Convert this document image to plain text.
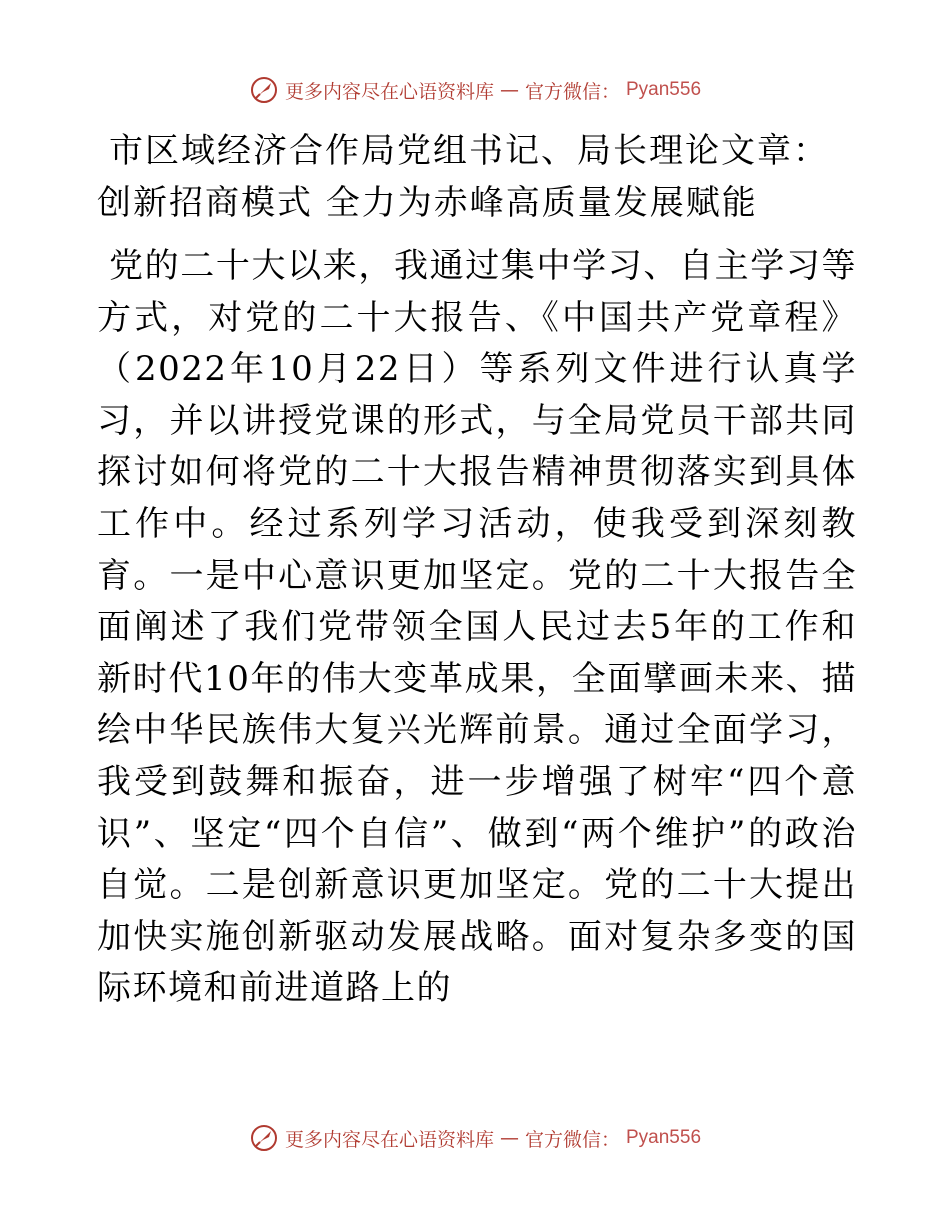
更多内容尽在心语资料库 — 官方微信： Pyan556
市区域经济合作局党组书记、局长理论文章：创新招商模式 全力为赤峰高质量发展赋能

党的二十大以来，我通过集中学习、自主学习等方式，对党的二十大报告、《中国共产党章程》（2022年10月22日）等系列文件进行认真学习，并以讲授党课的形式，与全局党员干部共同探讨如何将党的二十大报告精神贯彻落实到具体工作中。经过系列学习活动，使我受到深刻教育。一是中心意识更加坚定。党的二十大报告全面阐述了我们党带领全国人民过去5年的工作和新时代10年的伟大变革成果，全面擘画未来、描绘中华民族伟大复兴光辉前景。通过全面学习，我受到鼓舞和振奋，进一步增强了树牢“四个意识”、坚定“四个自信”、做到“两个维护”的政治自觉。二是创新意识更加坚定。党的二十大提出加快实施创新驱动发展战略。面对复杂多变的国际环境和前进道路上的

更多内容尽在心语资料库 — 官方微信： Pyan556
